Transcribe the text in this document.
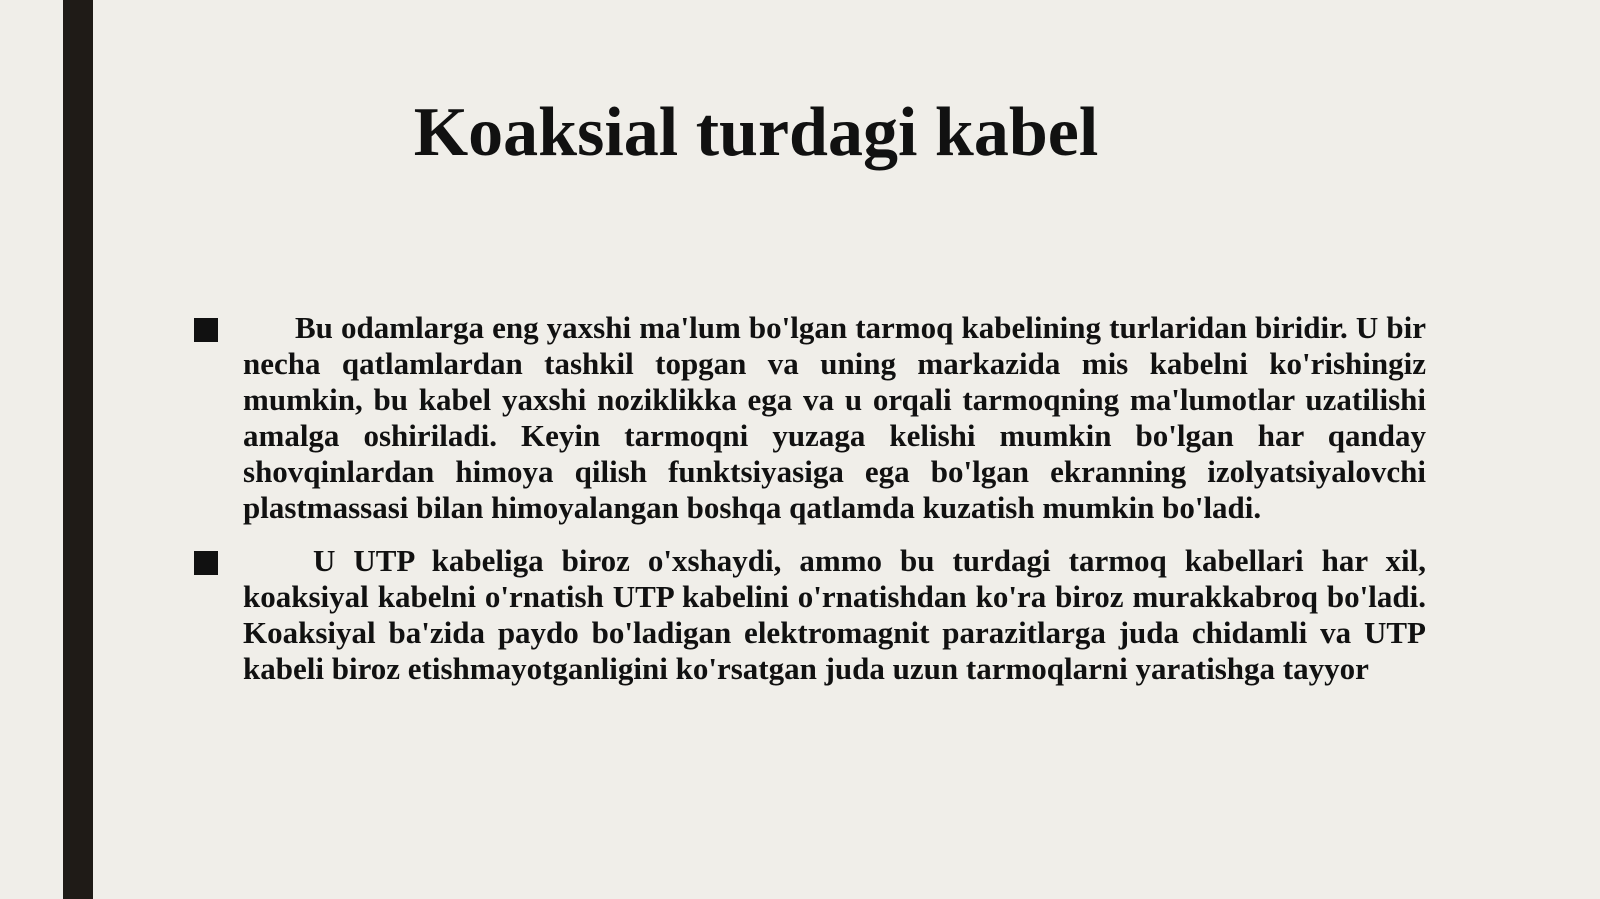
Koaksial turdagi kabel
Bu odamlarga eng yaxshi ma'lum bo'lgan tarmoq kabelining turlaridan biridir. U bir necha qatlamlardan tashkil topgan va uning markazida mis kabelni ko'rishingiz mumkin, bu kabel yaxshi noziklikka ega va u orqali tarmoqning ma'lumotlar uzatilishi amalga oshiriladi. Keyin tarmoqni yuzaga kelishi mumkin bo'lgan har qanday shovqinlardan himoya qilish funktsiyasiga ega bo'lgan ekranning izolyatsiyalovchi plastmassasi bilan himoyalangan boshqa qatlamda kuzatish mumkin bo'ladi.
U UTP kabeliga biroz o'xshaydi, ammo bu turdagi tarmoq kabellari har xil, koaksiyal kabelni o'rnatish UTP kabelini o'rnatishdan ko'ra biroz murakkabroq bo'ladi. Koaksiyal ba'zida paydo bo'ladigan elektromagnit parazitlarga juda chidamli va UTP kabeli biroz etishmayotganligini ko'rsatgan juda uzun tarmoqlarni yaratishga tayyor
